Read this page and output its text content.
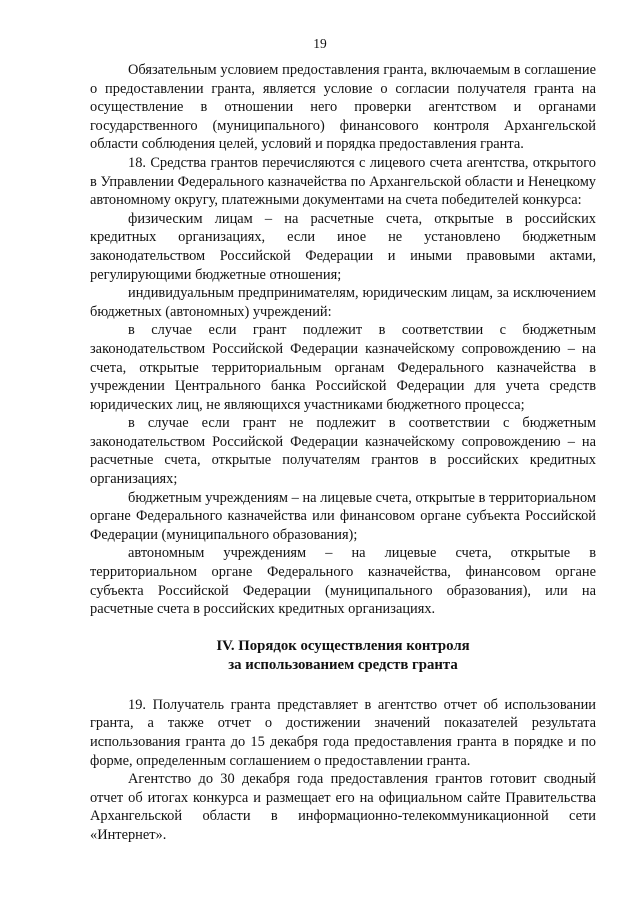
19

Обязательным условием предоставления гранта, включаемым в соглашение о предоставлении гранта, является условие о согласии получателя гранта на осуществление в отношении него проверки агентством и органами государственного (муниципального) финансового контроля Архангельской области соблюдения целей, условий и порядка предоставления гранта.

18. Средства грантов перечисляются с лицевого счета агентства, открытого в Управлении Федерального казначейства по Архангельской области и Ненецкому автономному округу, платежными документами на счета победителей конкурса:

физическим лицам – на расчетные счета, открытые в российских кредитных организациях, если иное не установлено бюджетным законодательством Российской Федерации и иными правовыми актами, регулирующими бюджетные отношения;

индивидуальным предпринимателям, юридическим лицам, за исключением бюджетных (автономных) учреждений:

в случае если грант подлежит в соответствии с бюджетным законодательством Российской Федерации казначейскому сопровождению – на счета, открытые территориальным органам Федерального казначейства в учреждении Центрального банка Российской Федерации для учета средств юридических лиц, не являющихся участниками бюджетного процесса;

в случае если грант не подлежит в соответствии с бюджетным законодательством Российской Федерации казначейскому сопровождению – на расчетные счета, открытые получателям грантов в российских кредитных организациях;

бюджетным учреждениям – на лицевые счета, открытые в территориальном органе Федерального казначейства или финансовом органе субъекта Российской Федерации (муниципального образования);

автономным учреждениям – на лицевые счета, открытые в территориальном органе Федерального казначейства, финансовом органе субъекта Российской Федерации (муниципального образования), или на расчетные счета в российских кредитных организациях.

IV. Порядок осуществления контроля
за использованием средств гранта

19. Получатель гранта представляет в агентство отчет об использовании гранта, а также отчет о достижении значений показателей результата использования гранта до 15 декабря года предоставления гранта в порядке и по форме, определенным соглашением о предоставлении гранта.

Агентство до 30 декабря года предоставления грантов готовит сводный отчет об итогах конкурса и размещает его на официальном сайте Правительства Архангельской области в информационно-телекоммуникационной сети «Интернет».
